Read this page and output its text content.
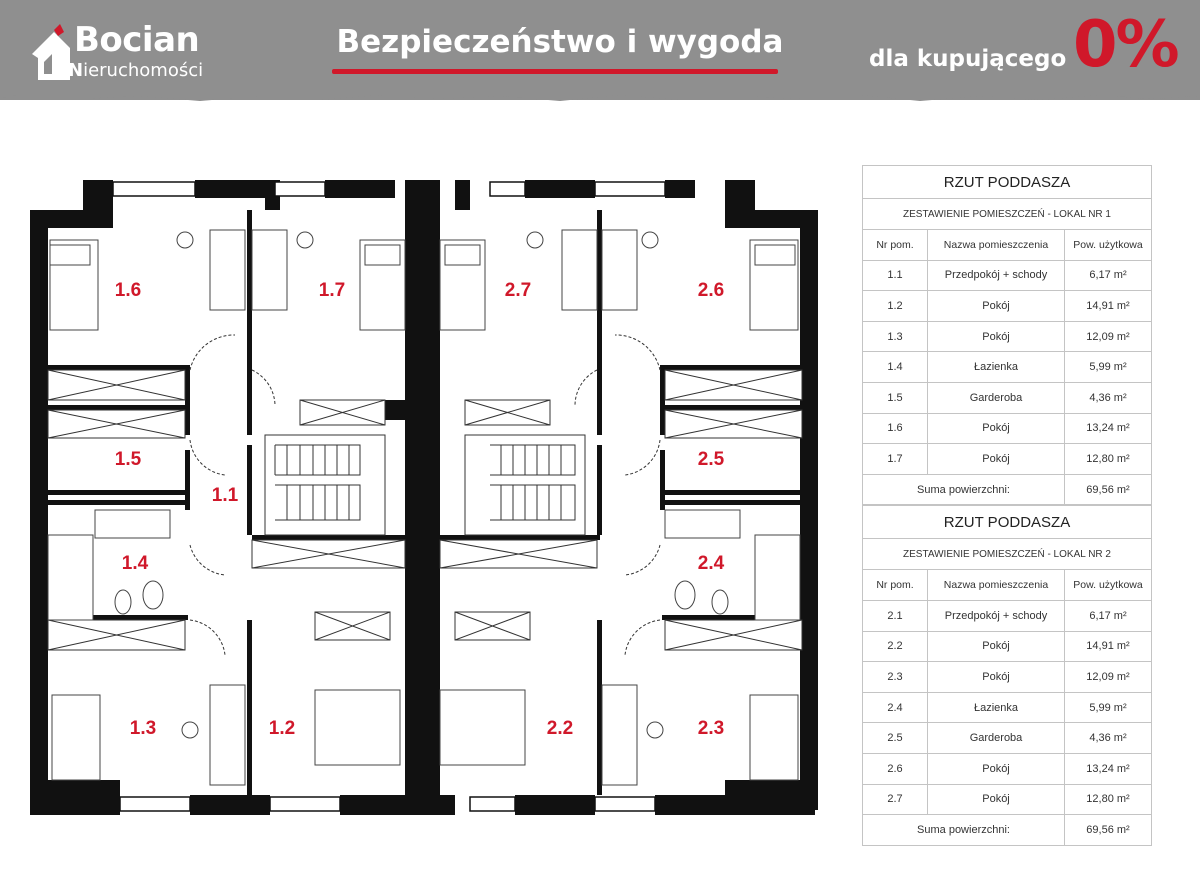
Bocian
Nieruchomości
Bezpieczeństwo i wygoda	dla kupującego 0%
1.6	1.7	2.7	2.6
1.5
1.1
2.5
1.4	2.4
1.3	1.2	2.2	2.3
RZUT PODDASZA		
ZESTAWIENIE POMIESZCZEŃ - LOKAL NR 1		
Nr pom.	Nazwa pomieszczenia	Pow. użytkowa
1.1	Przedpokój + schody	6,17 m²
1.2	Pokój	14,91 m²
1.3	Pokój	12,09 m²
1.4	Łazienka	5,99 m²
1.5	Garderoba	4,36 m²
1.6	Pokój	13,24 m²
1.7	Pokój	12,80 m²
Suma powierzchni:		69,56 m²
RZUT PODDASZA		
ZESTAWIENIE POMIESZCZEŃ - LOKAL NR 2		
Nr pom.	Nazwa pomieszczenia	Pow. użytkowa
2.1	Przedpokój + schody	6,17 m²
2.2	Pokój	14,91 m²
2.3	Pokój	12,09 m²
2.4	Łazienka	5,99 m²
2.5	Garderoba	4,36 m²
2.6	Pokój	13,24 m²
2.7	Pokój	12,80 m²
Suma powierzchni:		69,56 m²
